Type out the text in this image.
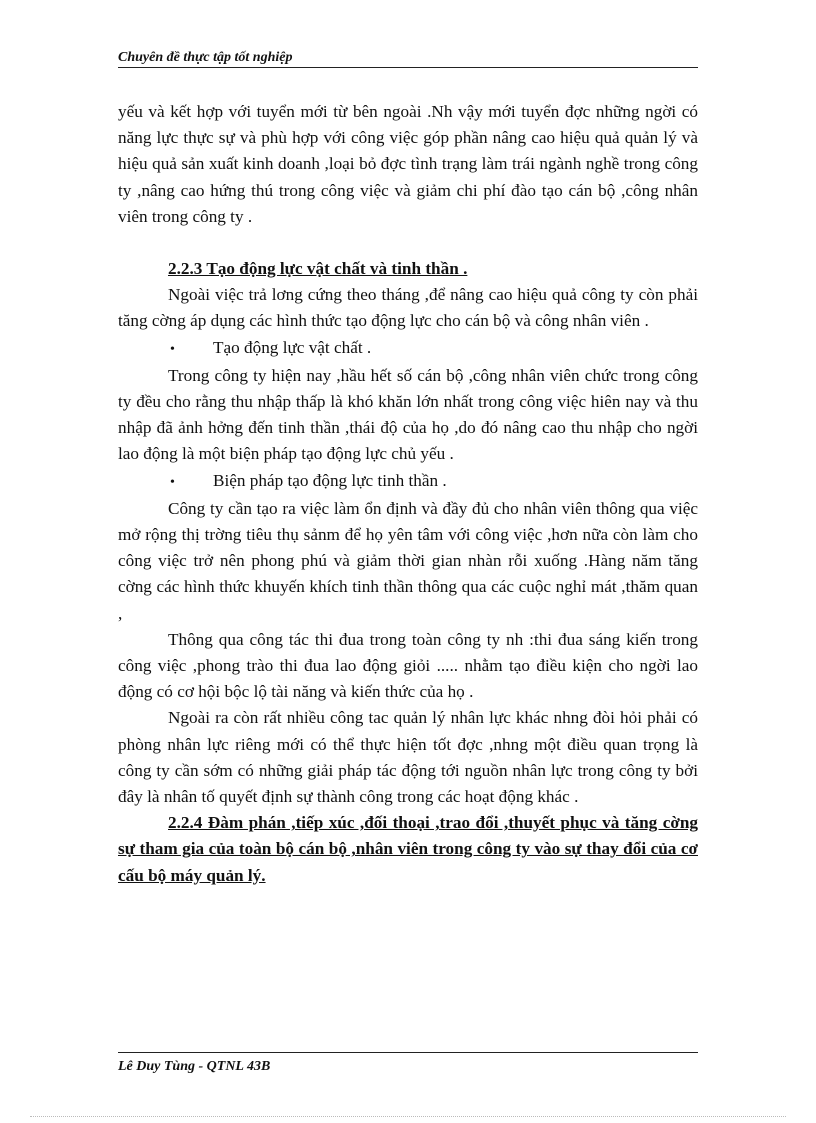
Chuyên đề thực tập tốt nghiệp

yếu và kết hợp với tuyển mới từ bên ngoài .Nh vậy mới tuyển đợc những ngời có năng lực thực sự và phù hợp với công việc góp phần nâng cao hiệu quả quản lý và hiệu quả sản xuất kinh doanh ,loại bỏ đợc tình trạng làm trái ngành nghề trong công ty ,nâng cao hứng thú trong công việc và giảm chi phí đào tạo cán bộ ,công nhân viên trong công ty .

2.2.3 Tạo động lực vật chất và tinh thần .

Ngoài việc trả lơng cứng theo tháng ,để nâng cao hiệu quả công ty còn phải tăng cờng áp dụng các hình thức tạo động lực cho cán bộ và công nhân viên .

•	Tạo động lực vật chất .

Trong công ty hiện nay ,hầu hết số cán bộ ,công nhân viên chức trong công ty đều cho rằng thu nhập thấp là khó khăn lớn nhất trong công việc hiên nay và thu nhập đã ảnh hởng đến tinh thần ,thái độ của họ ,do đó nâng cao thu nhập cho ngời lao động là một biện pháp tạo động lực chủ yếu .

•	Biện pháp tạo động lực tinh thần .

Công ty cần tạo ra việc làm ổn định và đầy đủ cho nhân viên thông qua việc mở rộng thị trờng tiêu thụ sảnm để họ yên tâm với công việc ,hơn nữa còn làm cho công việc trở nên phong phú và giảm thời gian nhàn rỗi xuống .Hàng năm tăng cờng các hình thức khuyến khích tinh thần thông qua các cuộc nghỉ mát ,thăm quan ,

Thông qua công tác thi đua trong toàn công ty nh :thi đua sáng kiến trong công việc ,phong trào thi đua lao động giỏi ..... nhằm tạo điều kiện cho ngời lao động có cơ hội bộc lộ tài năng và kiến thức của họ .

Ngoài ra còn rất nhiều công tac quản lý nhân lực khác nhng đòi hỏi phải có phòng nhân lực riêng mới có thể thực hiện tốt đợc ,nhng một điều quan trọng là công ty cần sớm có những giải pháp tác động tới nguồn nhân lực trong công ty bởi đây là nhân tố quyết định sự thành công trong các hoạt động khác .

2.2.4 Đàm phán ,tiếp xúc ,đối thoại ,trao đổi ,thuyết phục và tăng cờng sự tham gia của toàn bộ cán bộ ,nhân viên trong công ty vào sự thay đổi của cơ cấu bộ máy quản lý.

Lê Duy Tùng - QTNL 43B
